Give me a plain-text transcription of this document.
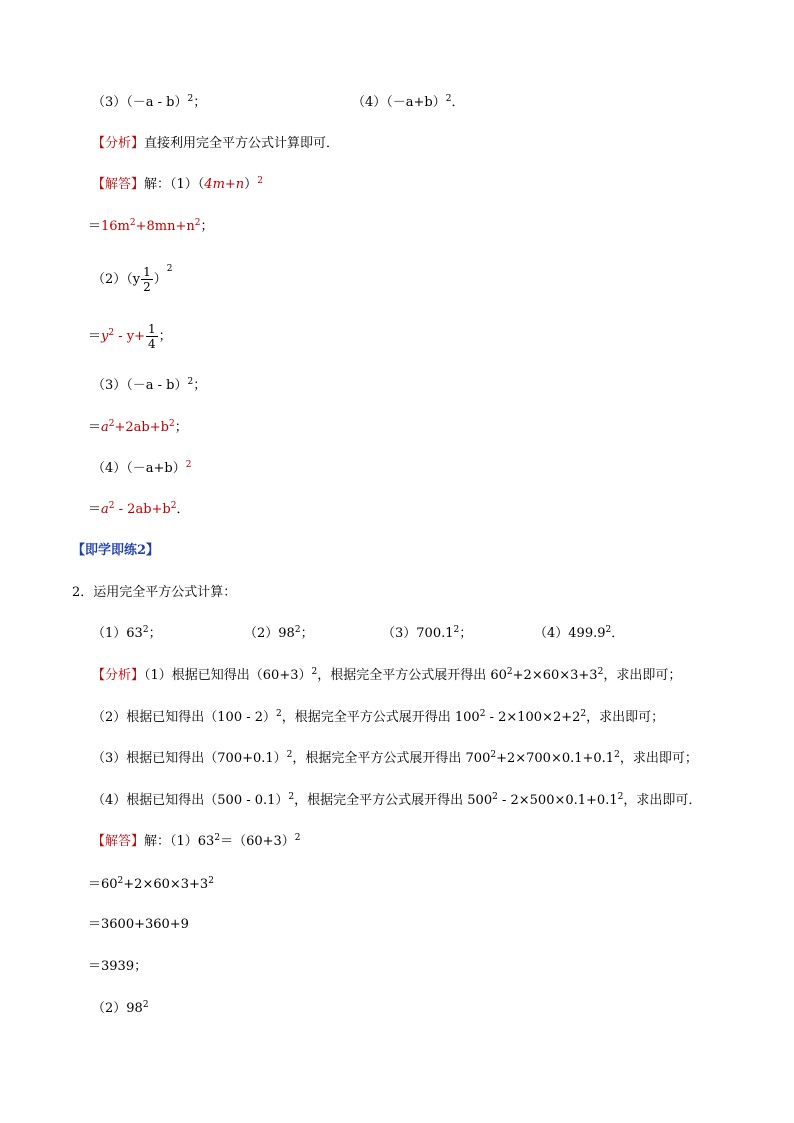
$(3)(-a - b)^2$；	$(4)(-a+b)^2$．
【分析】直接利用完全平方公式计算即可．
【解答】解：$(1)(4m+n)^2$
$=16m^2+8mn+n^2$；
$(2)(y \frac{1}{2} )^2$
$=y^2 - y+ \frac{1}{4}$ ；
$(3)(-a - b)^2$；
$=a^2+2ab+b^2$；
$(4)(-a+b)^2$
$=a^2 - 2ab+b^2$．
【即学即练2】
2．运用完全平方公式计算：
$(1)63^2$；	$(2)98^2$；	（3）700.1$^2$；	（4）499.9$^2$．
【分析】（1）根据已知得出$(60+3)^2$，根据完全平方公式展开得出 $60^2+2\times 60\times 3+3^2$，求出即可；
（2）根据已知得出（100 - 2）$^2$，根据完全平方公式展开得出 $100^2 - 2\times 100\times 2+2^2$，求出即可；
（3）根据已知得出$(700+0.1)^2$，根据完全平方公式展开得出 $700^2+2\times 700\times 0.1+0.1^2$，求出即可；
（4）根据已知得出（500 - 0.1）$^2$，根据完全平方公式展开得出 $500^2 - 2\times 500\times 0.1+0.1^2$，求出即可．
【解答】解：$(1)63^2=(60+3)^2$
$=60^2+2\times 60\times 3+3^2$
＝3600+360+9
＝3939；
$(2)98^2$
